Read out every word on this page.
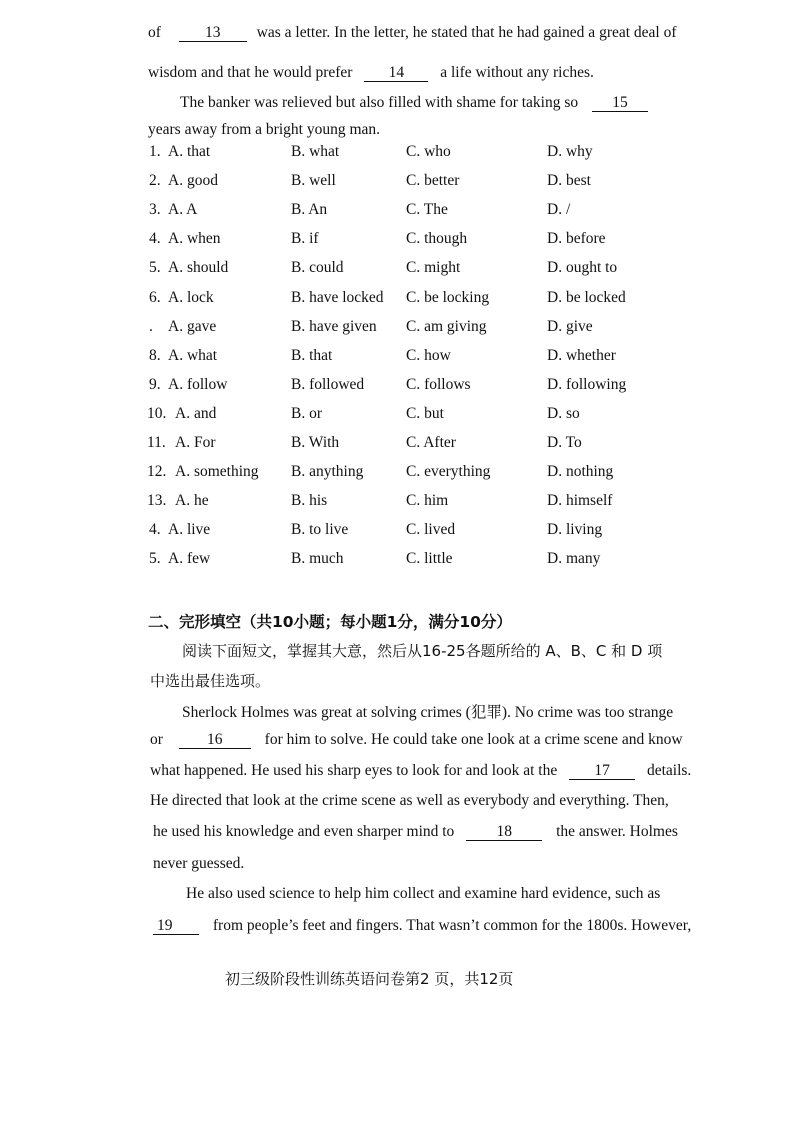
of	13 was a letter. In the letter, he stated that he had gained a great deal of
wisdom and that he would prefer 14 a life without any riches.
The banker was relieved but also filled with shame for taking so 15
years away from a bright young man.
1. A. that	B. what	C. who	D. why
2. A. good	B. well	C. better	D. best
3. A. A	B. An	C. The	D. /
4. A. when	B. if	C. though	D. before
5. A. should	B. could	C. might	D. ought to
6. A. lock	B. have locked C. be locking	D. be locked
. A. gave	B. have given C. am giving	D. give
8. A. what	B. that	C. how	D. whether
9. A. follow	B. followed	C. follows	D. following
10. A. and	B. or	C. but	D. so
11. A. For	B. With	C. After	D. To
12. A. something B. anything	C. everything	D. nothing
13. A. he	B. his	C. him	D. himself
4. A. live	B. to live	C. lived	D. living
5. A. few	B. much	C. little	D. many
二、完形填空（共10小题；每小题1分，满分10分）
阅读下面短文，掌握其大意，然后从16-25各题所给的 A、B、C 和 D 项
中选出最佳选项。
Sherlock Holmes was great at solving crimes (犯罪). No crime was too strange
or	16	for him to solve. He could take one look at a crime scene and know
what happened. He used his sharp eyes to look for and look at the 17 details.
He directed that look at the crime scene as well as everybody and everything. Then,
he used his knowledge and even sharper mind to	18	the answer. Holmes
never guessed.
He also used science to help him collect and examine hard evidence, such as
19	from people’s feet and fingers. That wasn’t common for the 1800s. However,
初三级阶段性训练英语问卷第2 页，共12页
